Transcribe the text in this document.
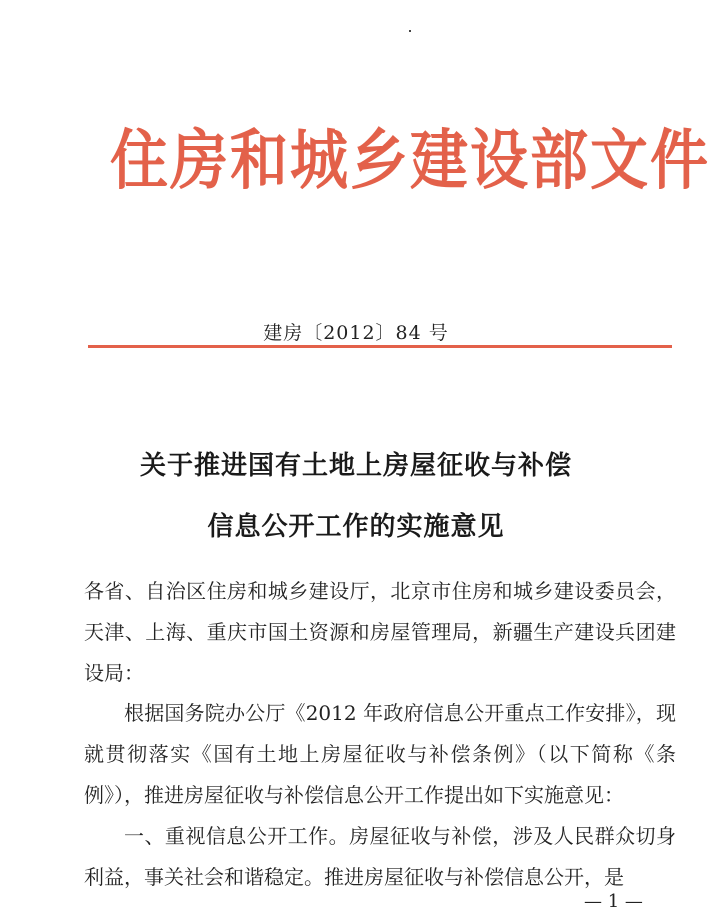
住房和城乡建设部文件
建房〔2012〕84 号
关于推进国有土地上房屋征收与补偿
信息公开工作的实施意见

各省、自治区住房和城乡建设厅，北京市住房和城乡建设委员会，天津、上海、重庆市国土资源和房屋管理局，新疆生产建设兵团建设局：

根据国务院办公厅《2012 年政府信息公开重点工作安排》，现就贯彻落实《国有土地上房屋征收与补偿条例》（以下简称《条例》），推进房屋征收与补偿信息公开工作提出如下实施意见：

一、重视信息公开工作。房屋征收与补偿，涉及人民群众切身利益，事关社会和谐稳定。推进房屋征收与补偿信息公开，是

— 1 —
